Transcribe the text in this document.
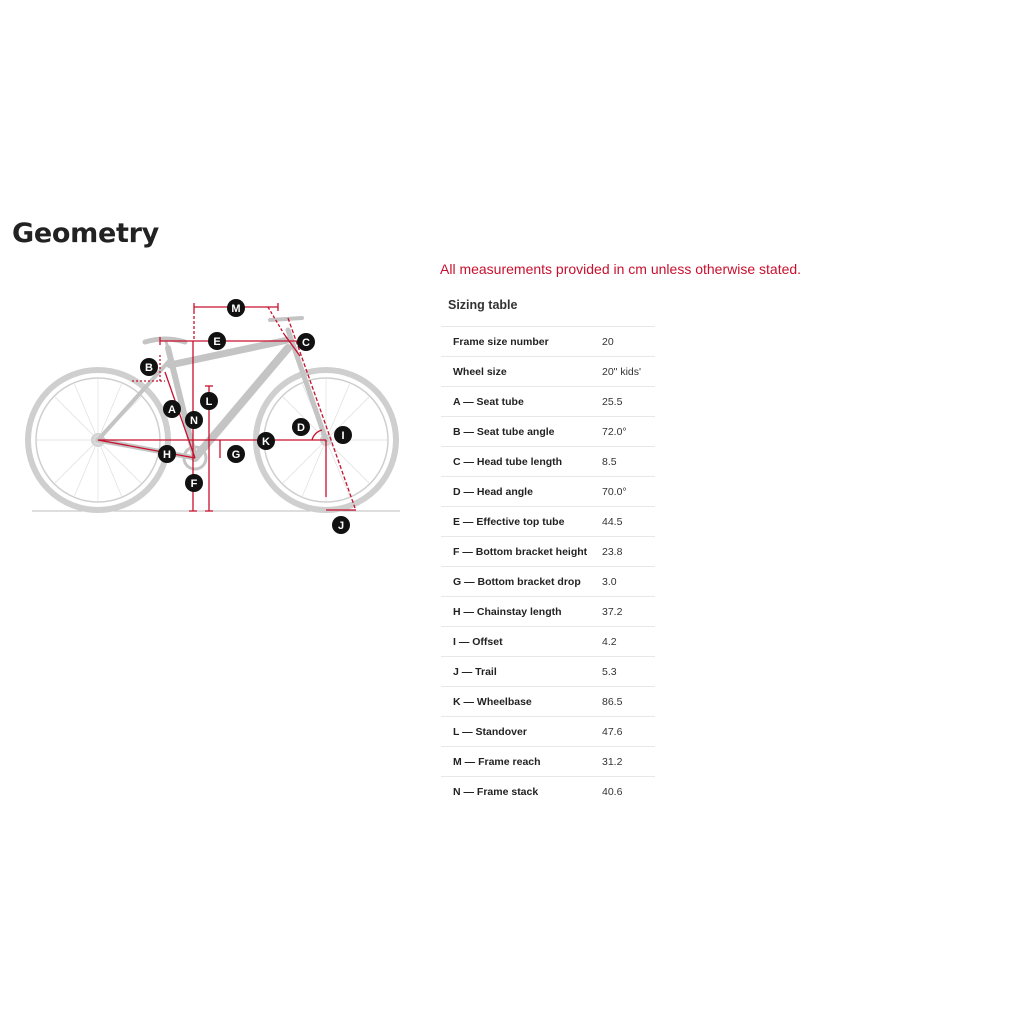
Geometry
All measurements provided in cm unless otherwise stated.
M
E	C
B
A
L
N
D
I
K
H	G
F
J
Sizing table
Frame size number	20
Wheel size	20" kids'
A — Seat tube	25.5
B — Seat tube angle	72.0°
C — Head tube length	8.5
D — Head angle	70.0°
E — Effective top tube	44.5
F — Bottom bracket height	23.8
G — Bottom bracket drop	3.0
H — Chainstay length	37.2
I — Offset	4.2
J — Trail	5.3
K — Wheelbase	86.5
L — Standover	47.6
M — Frame reach	31.2
N — Frame stack	40.6
